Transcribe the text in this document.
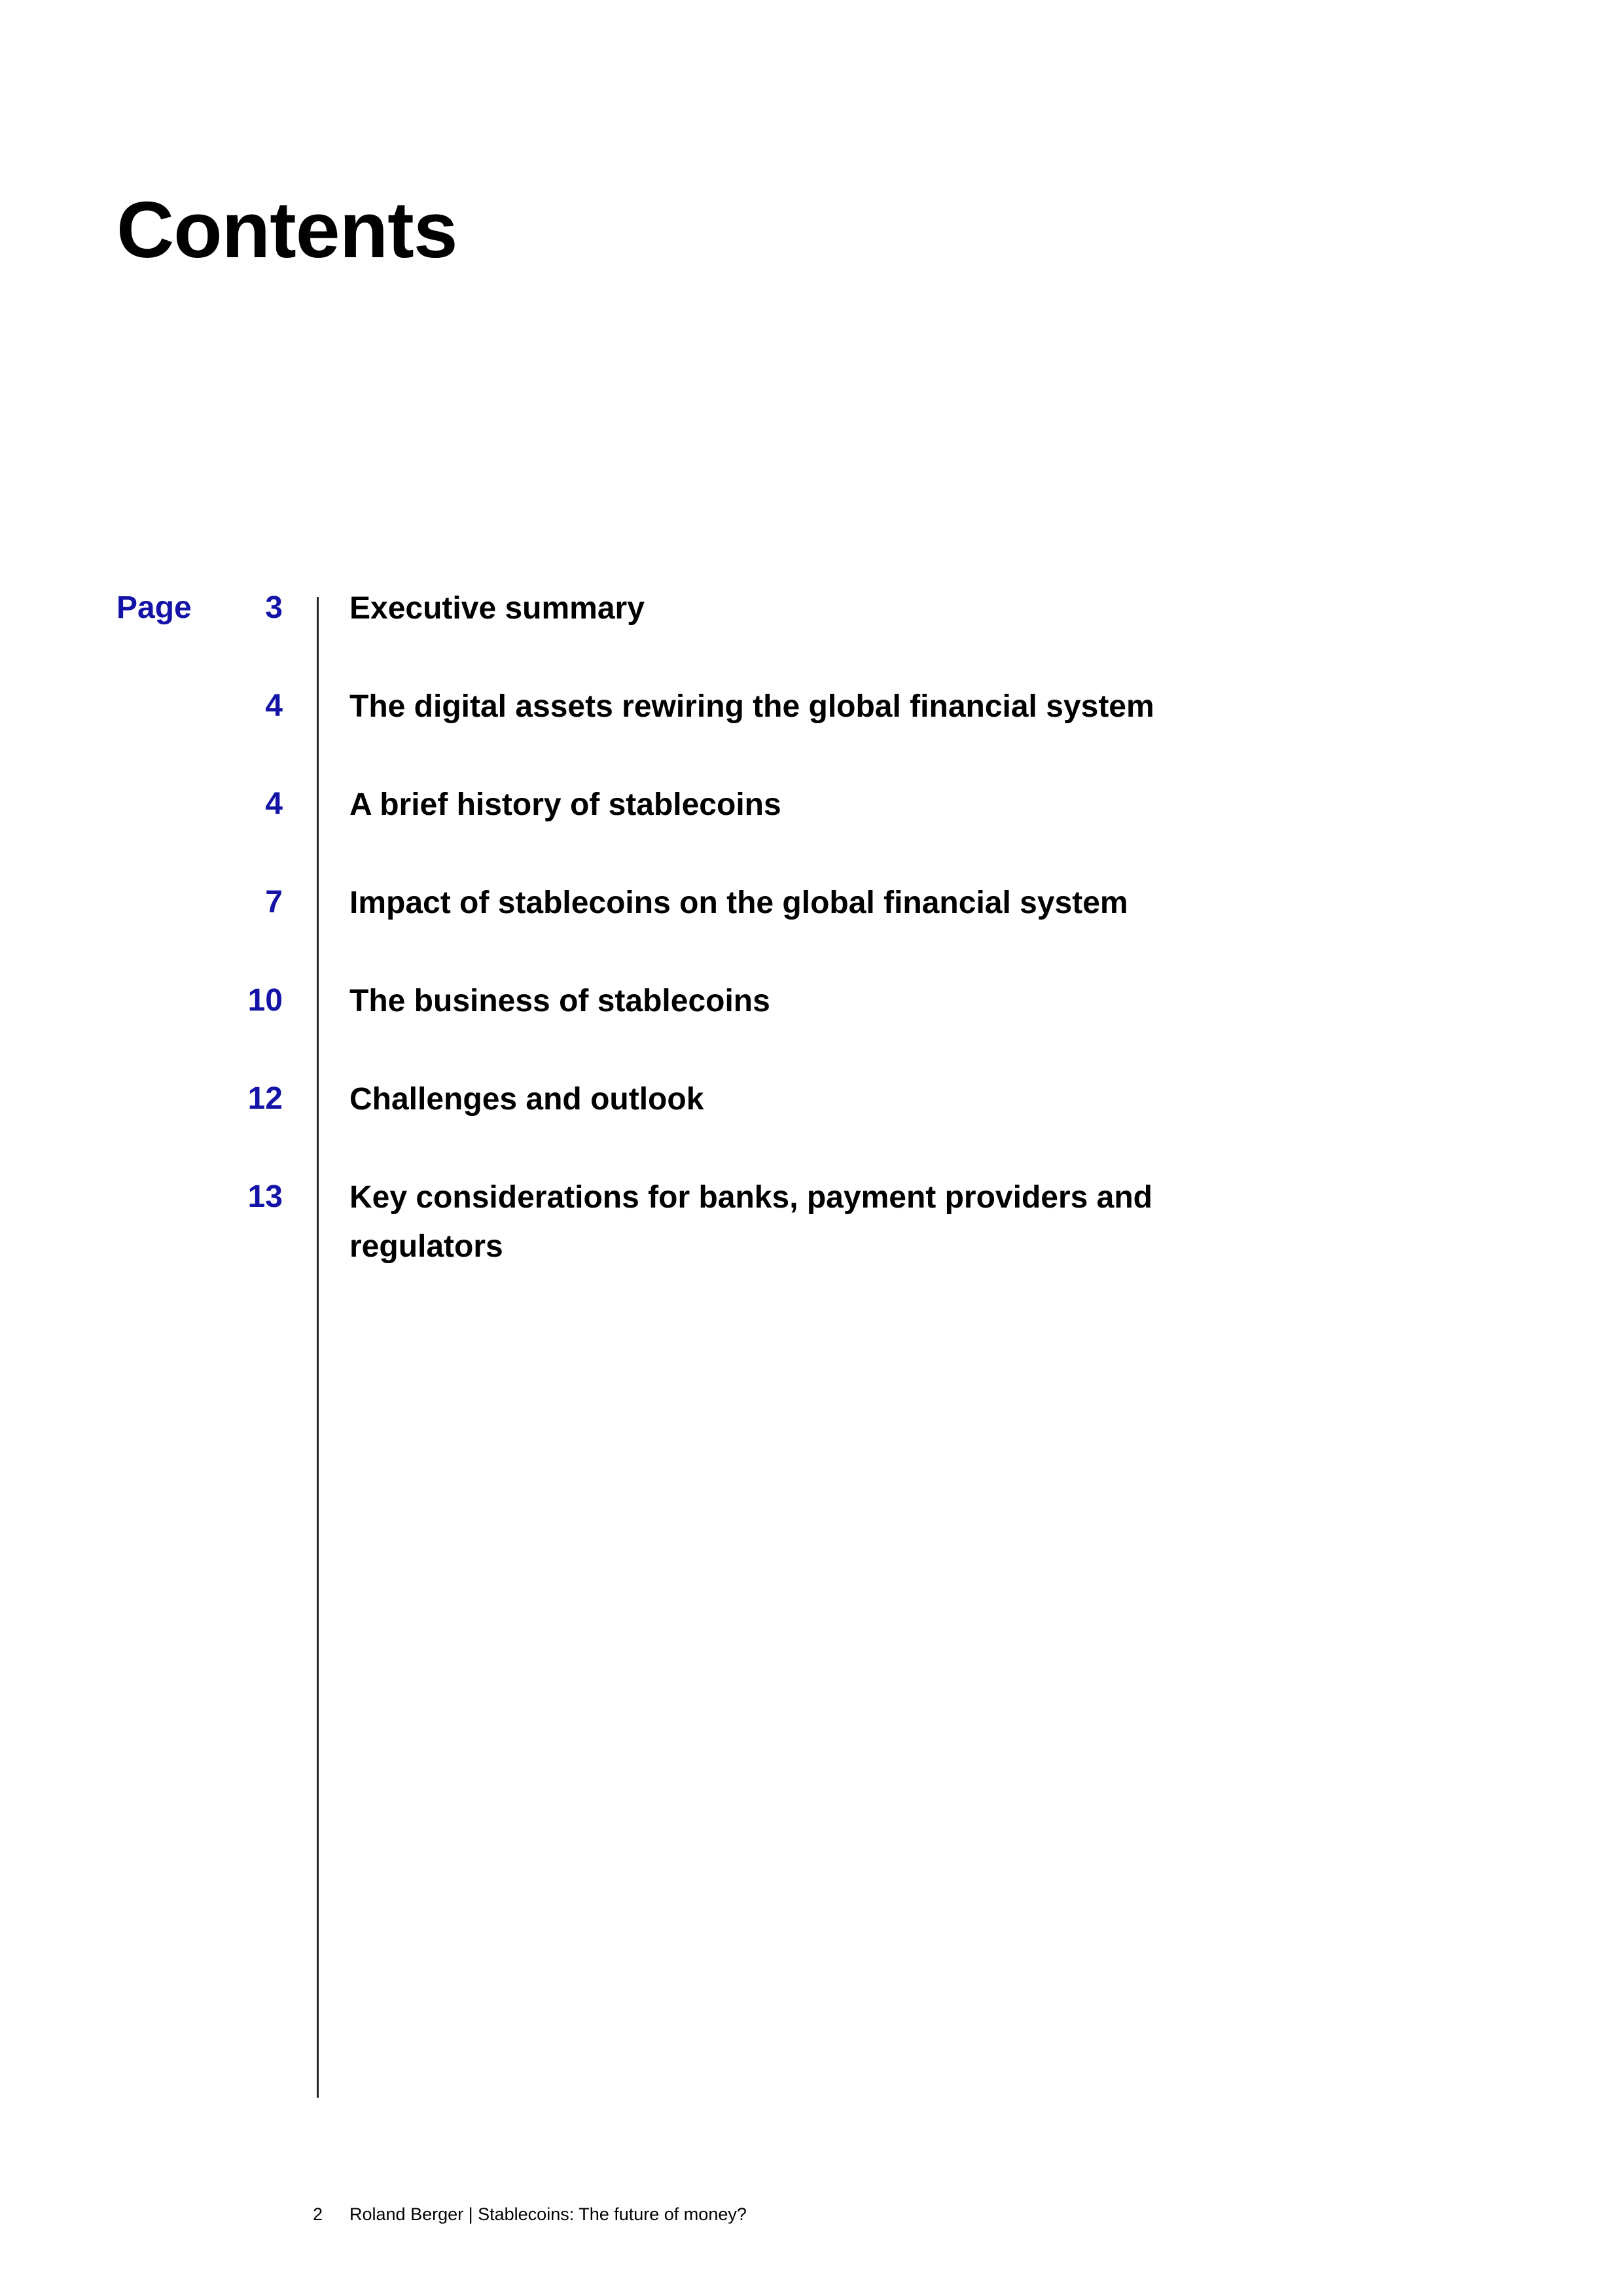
Contents
Page 3 Executive summary
4 The digital assets rewiring the global financial system
4 A brief history of stablecoins
7 Impact of stablecoins on the global financial system
10 The business of stablecoins
12 Challenges and outlook
13 Key considerations for banks, payment providers and regulators
2 Roland Berger | Stablecoins: The future of money?
